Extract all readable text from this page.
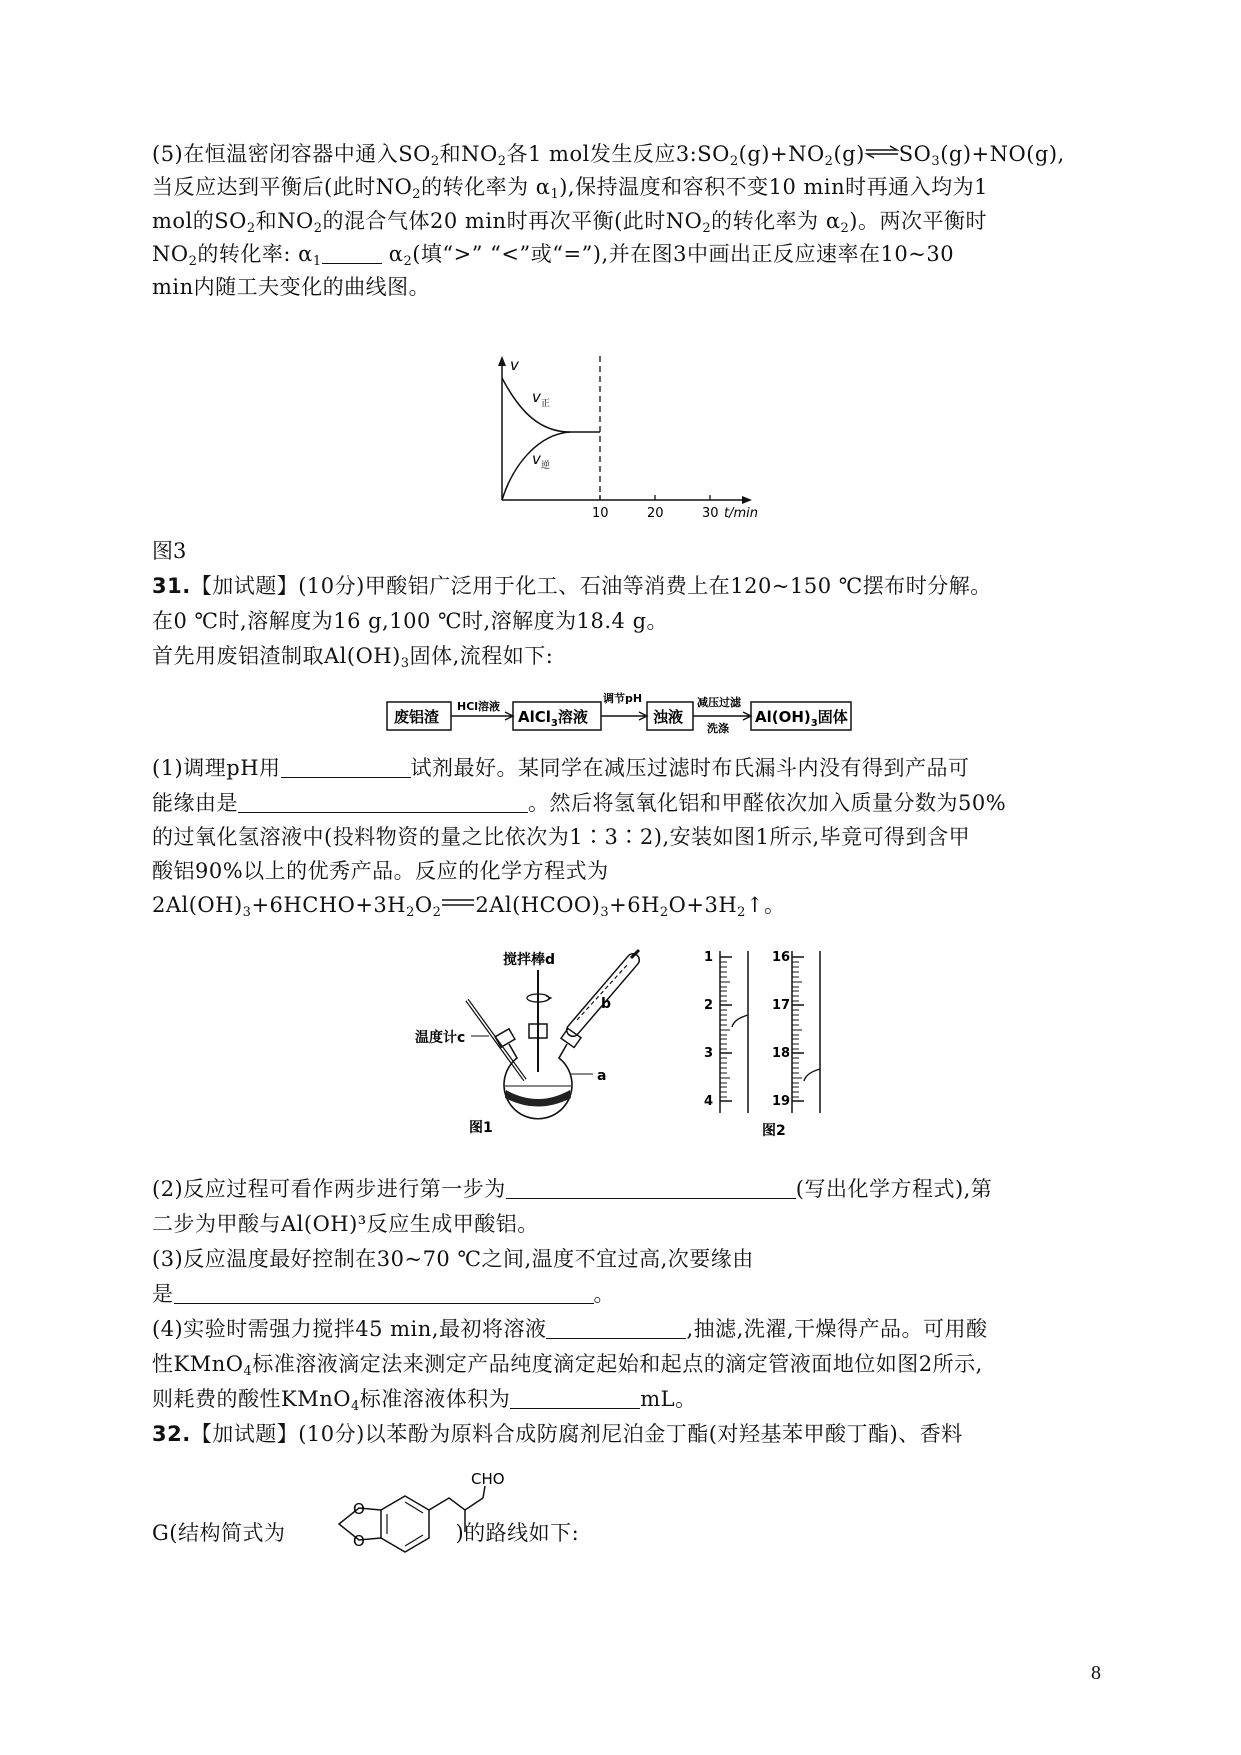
(5)在恒温密闭容器中通入$SO_2$和$NO_2$各1 mol发生反应$3:SO_2(g)+NO_2(g)\rightleftharpoons SO_3(g)+NO(g)$,
当反应达到平衡后(此时$NO_2$的转化率为 $\alpha_1$),保持温度和容积不变10 min时再通入均为1
mol的$SO_2$和$NO_2$的混合气体20 min时再次平衡(此时$NO_2$的转化率为 $\alpha_2$)。两次平衡时
$NO_2$的转化率: $\alpha_1$	$\alpha_2$(填“>” “<”或“=”),并在图3中画出正反应速率在10~30
min内随工夫变化的曲线图。
v
v 正
v 逆
10	20	30 t/min
图3
31.【加试题】(10分)甲酸铝广泛用于化工、石油等消费上在120~150 ℃摆布时分解。
在0 ℃时,溶解度为16 g,100 ℃时,溶解度为18.4 g。
首先用废铝渣制取$Al(OH)_3$固体,流程如下:
废铝渣
HCl溶液
AlCl$_3$溶液
调节pH
浊液
减压过滤
洗涤
$Al(OH)_3$固体
(1)调理pH用	试剂最好。某同学在减压过滤时布氏漏斗内没有得到产品可
能缘由是	。然后将氢氧化铝和甲醛依次加入质量分数为50%
的过氧化氢溶液中(投料物资的量之比依次为1∶3∶2),安装如图1所示,毕竟可得到含甲
酸铝90%以上的优秀产品。反应的化学方程式为
$2Al(OH)_3+6HCHO+3H_2O_2$ $2Al(HCOO)_3+6H_2O+3H_2↑$。
搅拌棒d
温度计c
b
a
图1
1
2
3
4
16
17
18
19
图2
(2)反应过程可看作两步进行第一步为	(写出化学方程式),第
二步为甲酸与Al(OH)³反应生成甲酸铝。
(3)反应温度最好控制在30~70 ℃之间,温度不宜过高,次要缘由
是	。
(4)实验时需强力搅拌45 min,最初将溶液	,抽滤,洗濯,干燥得产品。可用酸
性KMnO$_4$标准溶液滴定法来测定产品纯度滴定起始和起点的滴定管液面地位如图2所示,
则耗费的酸性KMnO$_4$标准溶液体积为	mL。
32.【加试题】(10分)以苯酚为原料合成防腐剂尼泊金丁酯(对羟基苯甲酸丁酯)、香料
G(结构简式为	)的路线如下:
O
O
CHO
8
